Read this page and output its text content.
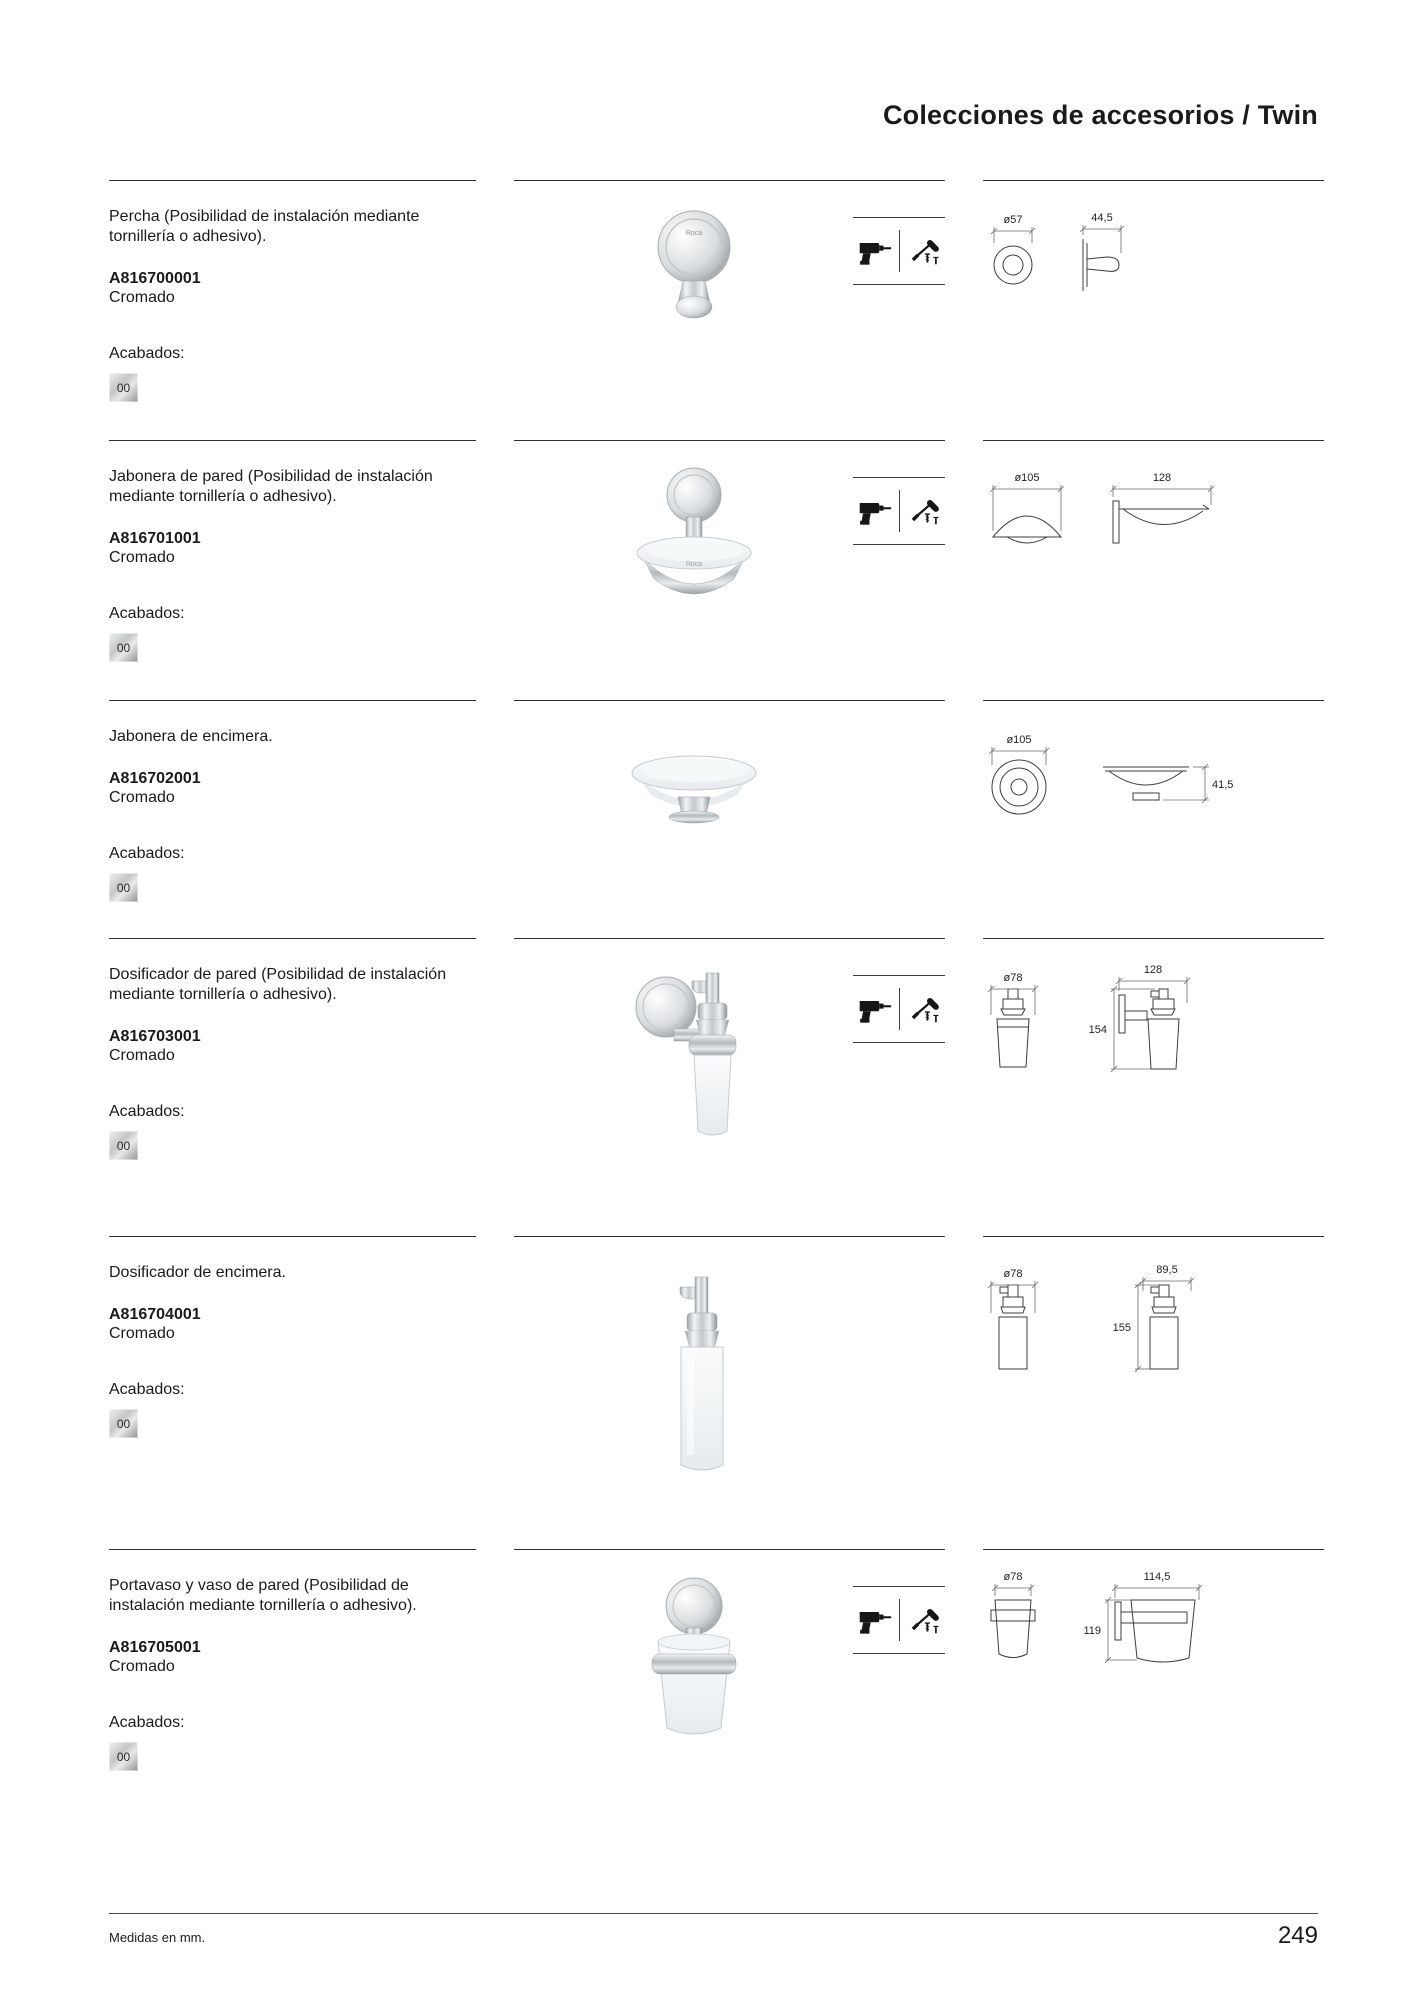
Colecciones de accesorios / Twin

Percha (Posibilidad de instalación mediante tornillería o adhesivo).

A816700001

Cromado

Acabados:

00
Roca
ø57	44,5

Jabonera de pared (Posibilidad de instalación mediante tornillería o adhesivo).

A816701001

Cromado

Acabados:

00
Roca
ø105	128

Jabonera de encimera.

A816702001

Cromado

Acabados:

00
ø105
41,5

Dosificador de pared (Posibilidad de instalación mediante tornillería o adhesivo).

A816703001

Cromado

Acabados:

00
ø78
128
154

Dosificador de encimera.

A816704001

Cromado

Acabados:

00
ø78	89,5
155

Portavaso y vaso de pared (Posibilidad de instalación mediante tornillería o adhesivo).

A816705001

Cromado

Acabados:

00
ø78	114,5
119

Medidas en mm.	249
